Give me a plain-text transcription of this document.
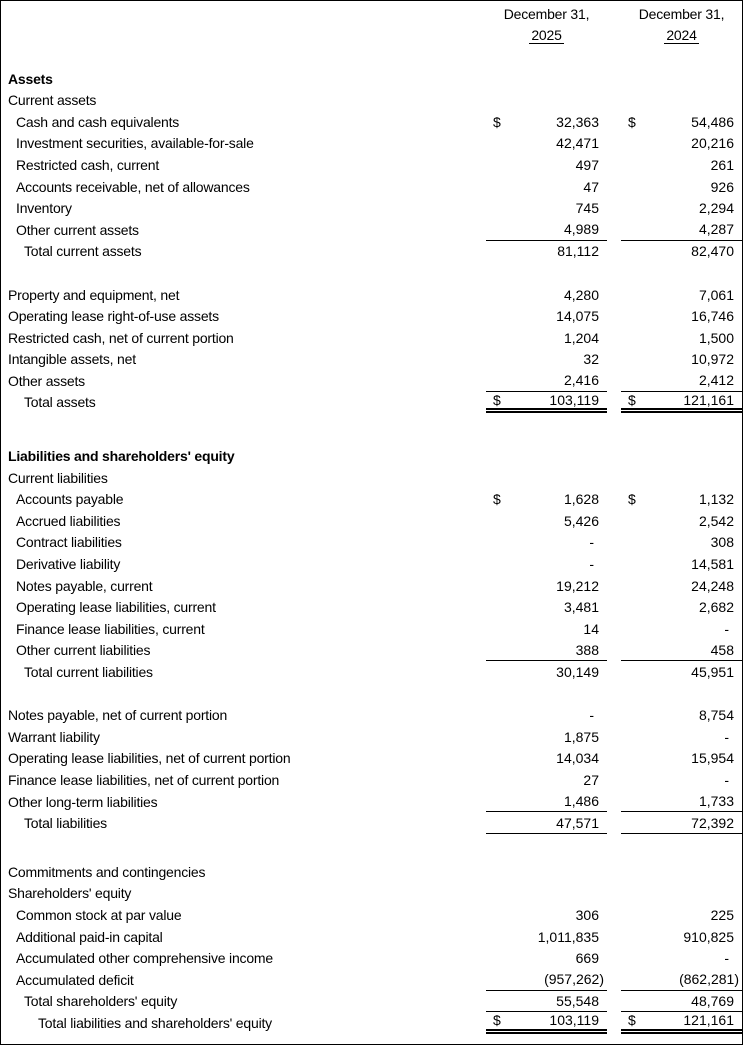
December 31,	December 31,
2025	2024
Assets
Current assets
Cash and cash equivalents	$	32,363	$	54,486
Investment securities, available-for-sale	42,471	20,216
Restricted cash, current	497	261
Accounts receivable, net of allowances	47	926
Inventory	745	2,294
Other current assets	4,989	4,287
Total current assets	81,112	82,470
Property and equipment, net	4,280	7,061
Operating lease right-of-use assets	14,075	16,746
Restricted cash, net of current portion	1,204	1,500
Intangible assets, net	32	10,972
Other assets	2,416	2,412
Total assets	$	103,119	$	121,161
Liabilities and shareholders' equity
Current liabilities
Accounts payable	$	1,628	$	1,132
Accrued liabilities	5,426	2,542
Contract liabilities	-	308
Derivative liability	-	14,581
Notes payable, current	19,212	24,248
Operating lease liabilities, current	3,481	2,682
Finance lease liabilities, current	14	-
Other current liabilities	388	458
Total current liabilities	30,149	45,951
Notes payable, net of current portion	-	8,754
Warrant liability	1,875	-
Operating lease liabilities, net of current portion	14,034	15,954
Finance lease liabilities, net of current portion	27	-
Other long-term liabilities	1,486	1,733
Total liabilities	47,571	72,392
Commitments and contingencies
Shareholders' equity
Common stock at par value	306	225
Additional paid-in capital	1,011,835	910,825
Accumulated other comprehensive income	669	-
Accumulated deficit	(957,262)	(862,281)
Total shareholders' equity	55,548	48,769
Total liabilities and shareholders' equity	$	103,119	$	121,161
